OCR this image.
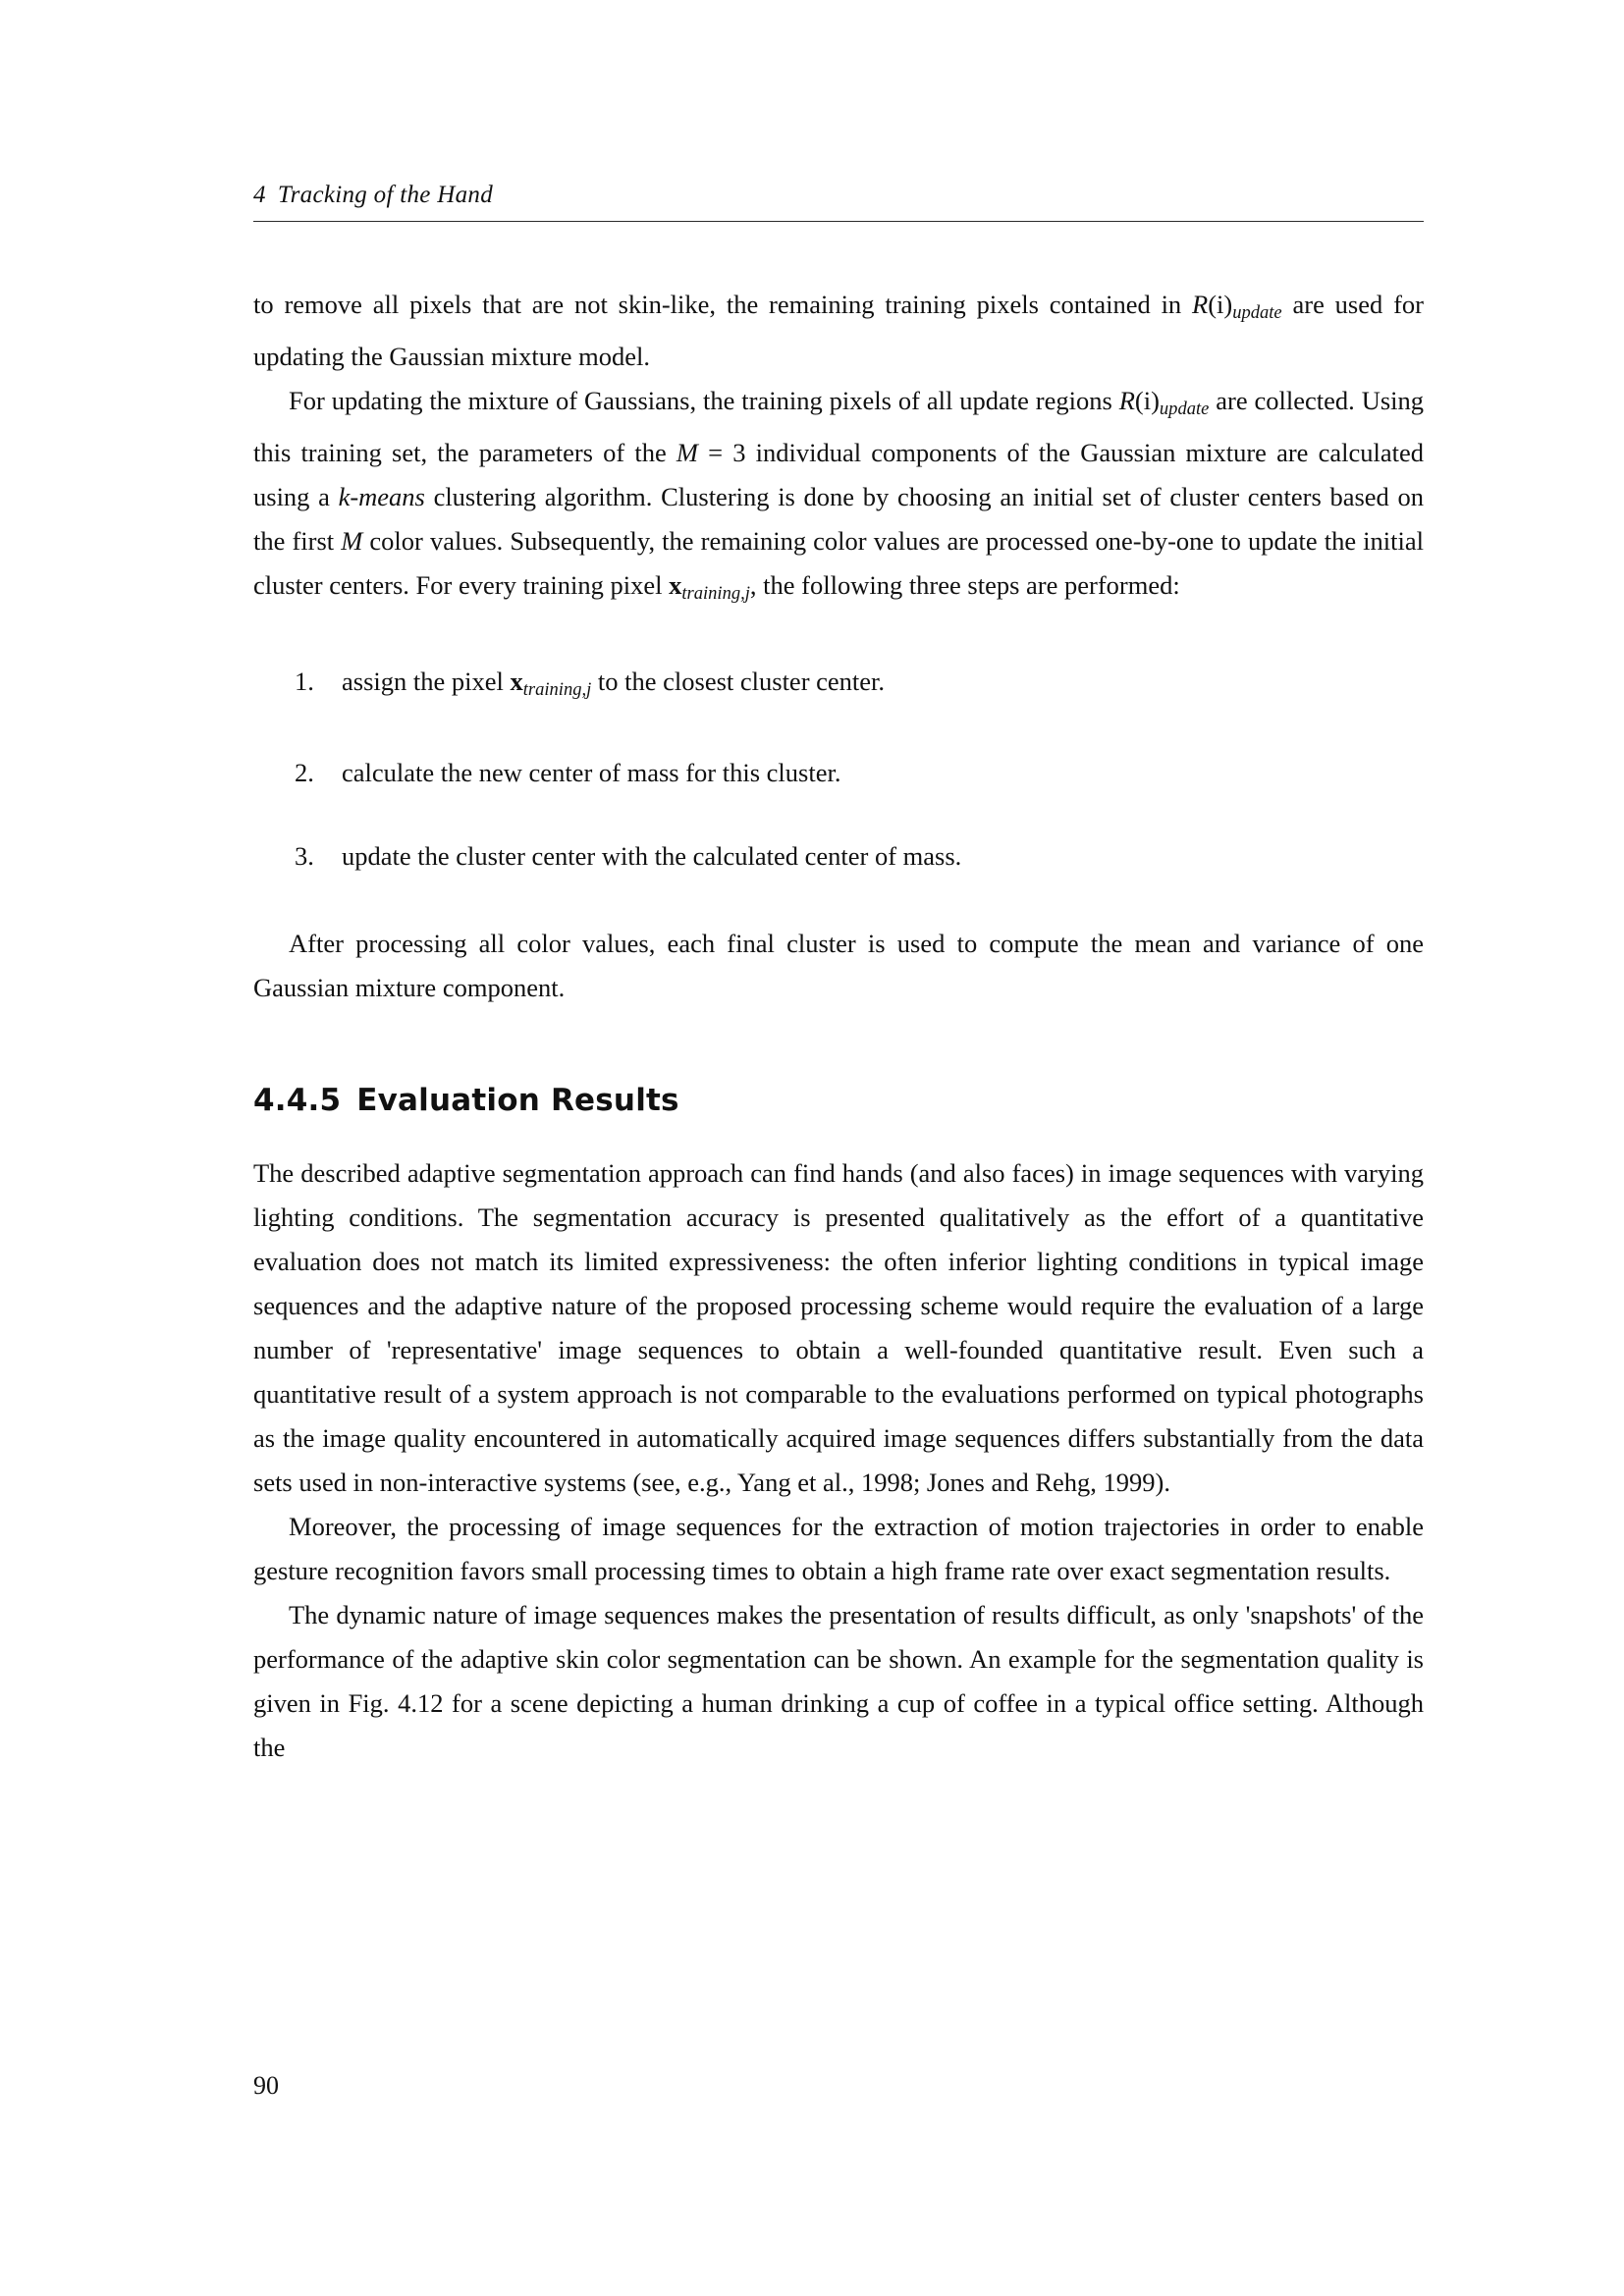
4 Tracking of the Hand

to remove all pixels that are not skin-like, the remaining training pixels contained in $R(i)_{update}$ are used for updating the Gaussian mixture model.

For updating the mixture of Gaussians, the training pixels of all update regions $R(i)_{update}$ are collected. Using this training set, the parameters of the M = 3 individual components of the Gaussian mixture are calculated using a k-means clustering algorithm. Clustering is done by choosing an initial set of cluster centers based on the first M color values. Subsequently, the remaining color values are processed one-by-one to update the initial cluster centers. For every training pixel $x_{training,j}$, the following three steps are performed:

1.	assign the pixel $x_{training,j}$ to the closest cluster center.
2.	calculate the new center of mass for this cluster.
3.	update the cluster center with the calculated center of mass.

After processing all color values, each final cluster is used to compute the mean and variance of one Gaussian mixture component.

4.4.5 Evaluation Results

The described adaptive segmentation approach can find hands (and also faces) in image sequences with varying lighting conditions. The segmentation accuracy is presented qualitatively as the effort of a quantitative evaluation does not match its limited expressiveness: the often inferior lighting conditions in typical image sequences and the adaptive nature of the proposed processing scheme would require the evaluation of a large number of 'representative' image sequences to obtain a well-founded quantitative result. Even such a quantitative result of a system approach is not comparable to the evaluations performed on typical photographs as the image quality encountered in automatically acquired image sequences differs substantially from the data sets used in non-interactive systems (see, e.g., Yang et al., 1998; Jones and Rehg, 1999).

Moreover, the processing of image sequences for the extraction of motion trajectories in order to enable gesture recognition favors small processing times to obtain a high frame rate over exact segmentation results.

The dynamic nature of image sequences makes the presentation of results difficult, as only 'snapshots' of the performance of the adaptive skin color segmentation can be shown. An example for the segmentation quality is given in Fig. 4.12 for a scene depicting a human drinking a cup of coffee in a typical office setting. Although the

90
